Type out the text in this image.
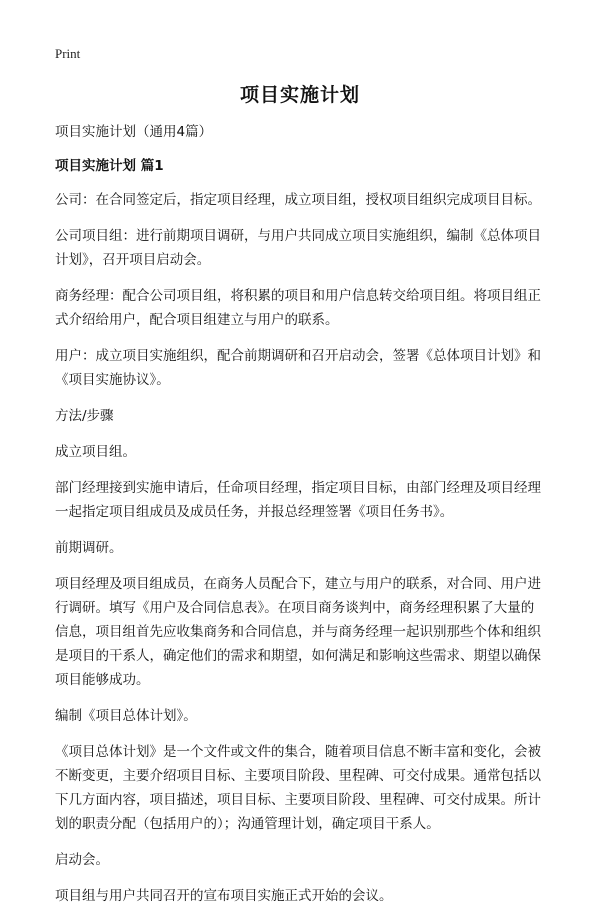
Print
项目实施计划

项目实施计划（通用4篇）

项目实施计划 篇1

公司：在合同签定后，指定项目经理，成立项目组，授权项目组织完成项目目标。

公司项目组：进行前期项目调研，与用户共同成立项目实施组织，编制《总体项目计划》，召开项目启动会。

商务经理：配合公司项目组，将积累的项目和用户信息转交给项目组。将项目组正式介绍给用户，配合项目组建立与用户的联系。

用户：成立项目实施组织，配合前期调研和召开启动会，签署《总体项目计划》和《项目实施协议》。

方法/步骤

成立项目组。

部门经理接到实施申请后，任命项目经理，指定项目目标，由部门经理及项目经理一起指定项目组成员及成员任务，并报总经理签署《项目任务书》。

前期调研。

项目经理及项目组成员，在商务人员配合下，建立与用户的联系，对合同、用户进行调研。填写《用户及合同信息表》。在项目商务谈判中，商务经理积累了大量的信息，项目组首先应收集商务和合同信息，并与商务经理一起识别那些个体和组织是项目的干系人，确定他们的需求和期望，如何满足和影响这些需求、期望以确保项目能够成功。

编制《项目总体计划》。

《项目总体计划》是一个文件或文件的集合，随着项目信息不断丰富和变化，会被不断变更，主要介绍项目目标、主要项目阶段、里程碑、可交付成果。通常包括以下几方面内容，项目描述，项目目标、主要项目阶段、里程碑、可交付成果。所计划的职责分配（包括用户的）；沟通管理计划，确定项目干系人。

启动会。

项目组与用户共同召开的宣布项目实施正式开始的会议。
